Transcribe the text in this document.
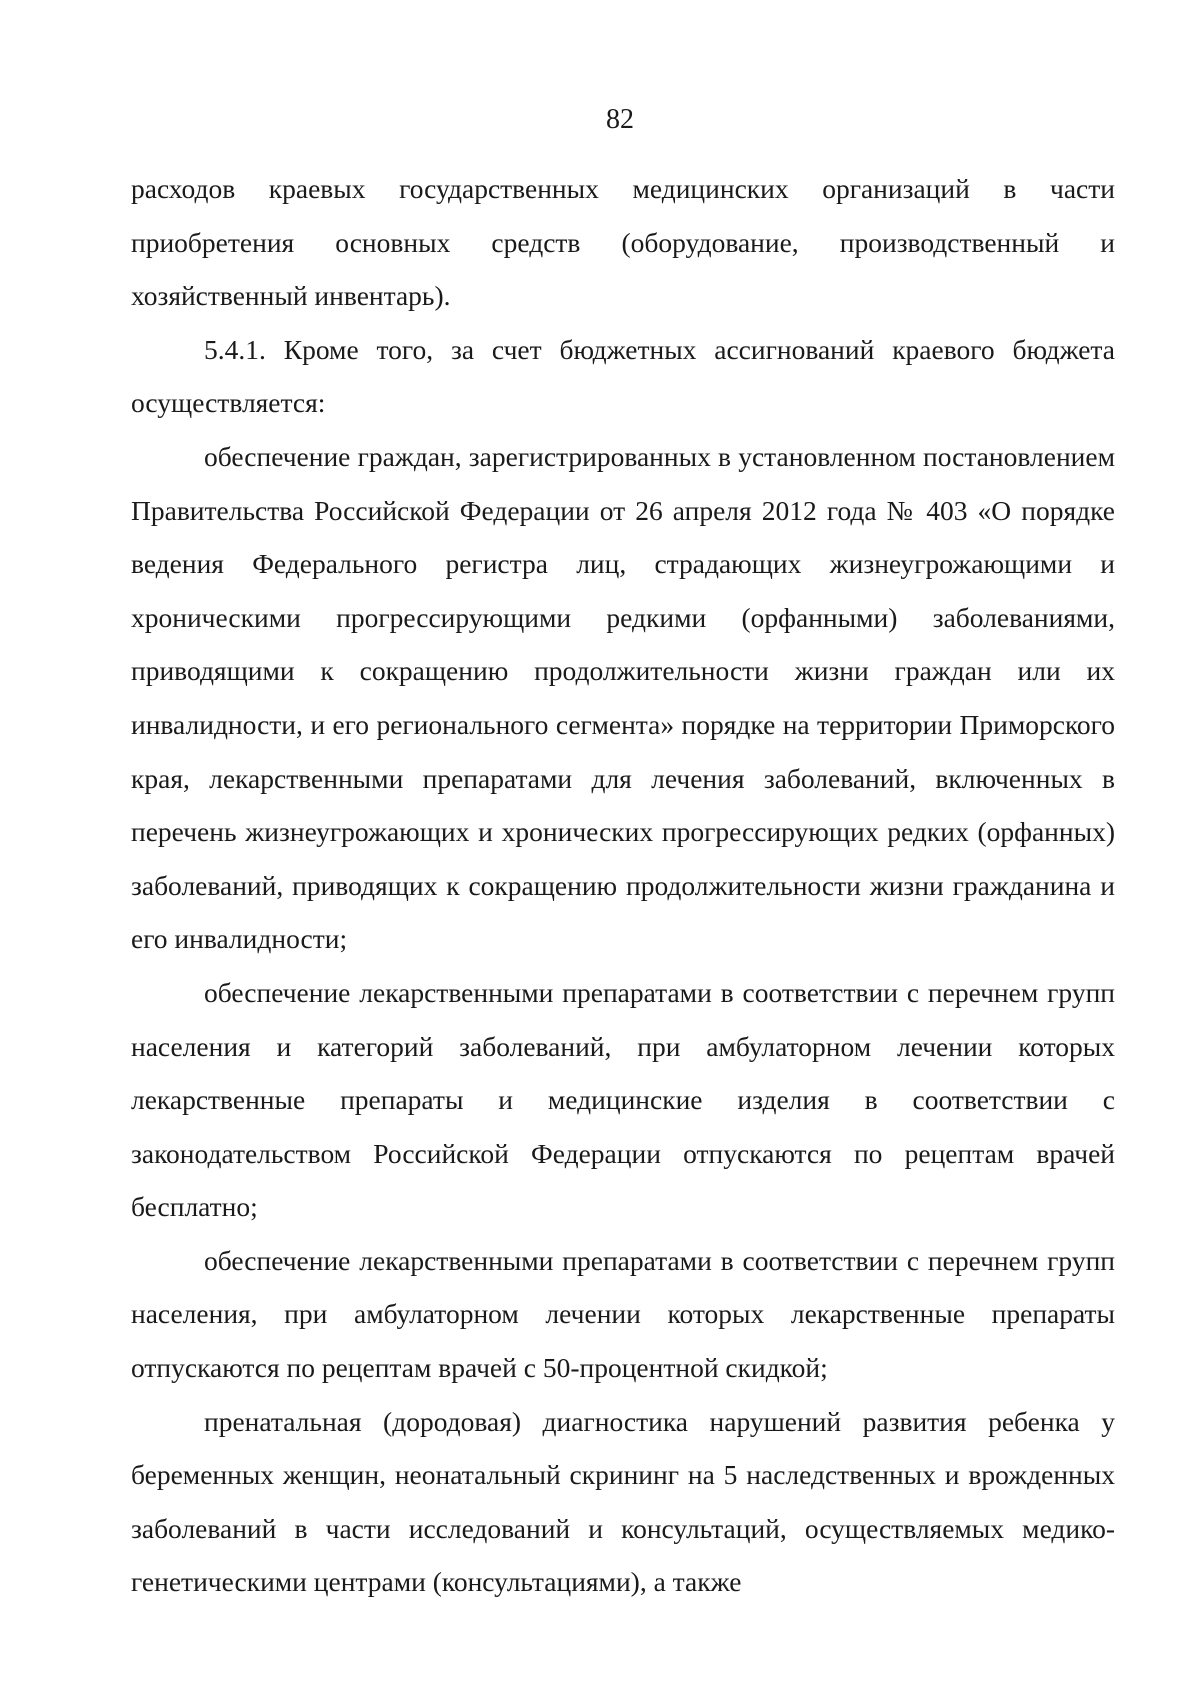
82

расходов краевых государственных медицинских организаций в части приобретения основных средств (оборудование, производственный и хозяйственный инвентарь).

5.4.1. Кроме того, за счет бюджетных ассигнований краевого бюджета осуществляется:

обеспечение граждан, зарегистрированных в установленном постановлением Правительства Российской Федерации от 26 апреля 2012 года № 403 «О порядке ведения Федерального регистра лиц, страдающих жизнеугрожающими и хроническими прогрессирующими редкими (орфанными) заболеваниями, приводящими к сокращению продолжительности жизни граждан или их инвалидности, и его регионального сегмента» порядке на территории Приморского края, лекарственными препаратами для лечения заболеваний, включенных в перечень жизнеугрожающих и хронических прогрессирующих редких (орфанных) заболеваний, приводящих к сокращению продолжительности жизни гражданина и его инвалидности;

обеспечение лекарственными препаратами в соответствии с перечнем групп населения и категорий заболеваний, при амбулаторном лечении которых лекарственные препараты и медицинские изделия в соответствии с законодательством Российской Федерации отпускаются по рецептам врачей бесплатно;

обеспечение лекарственными препаратами в соответствии с перечнем групп населения, при амбулаторном лечении которых лекарственные препараты отпускаются по рецептам врачей с 50-процентной скидкой;

пренатальная (дородовая) диагностика нарушений развития ребенка у беременных женщин, неонатальный скрининг на 5 наследственных и врожденных заболеваний в части исследований и консультаций, осуществляемых медико-генетическими центрами (консультациями), а также
